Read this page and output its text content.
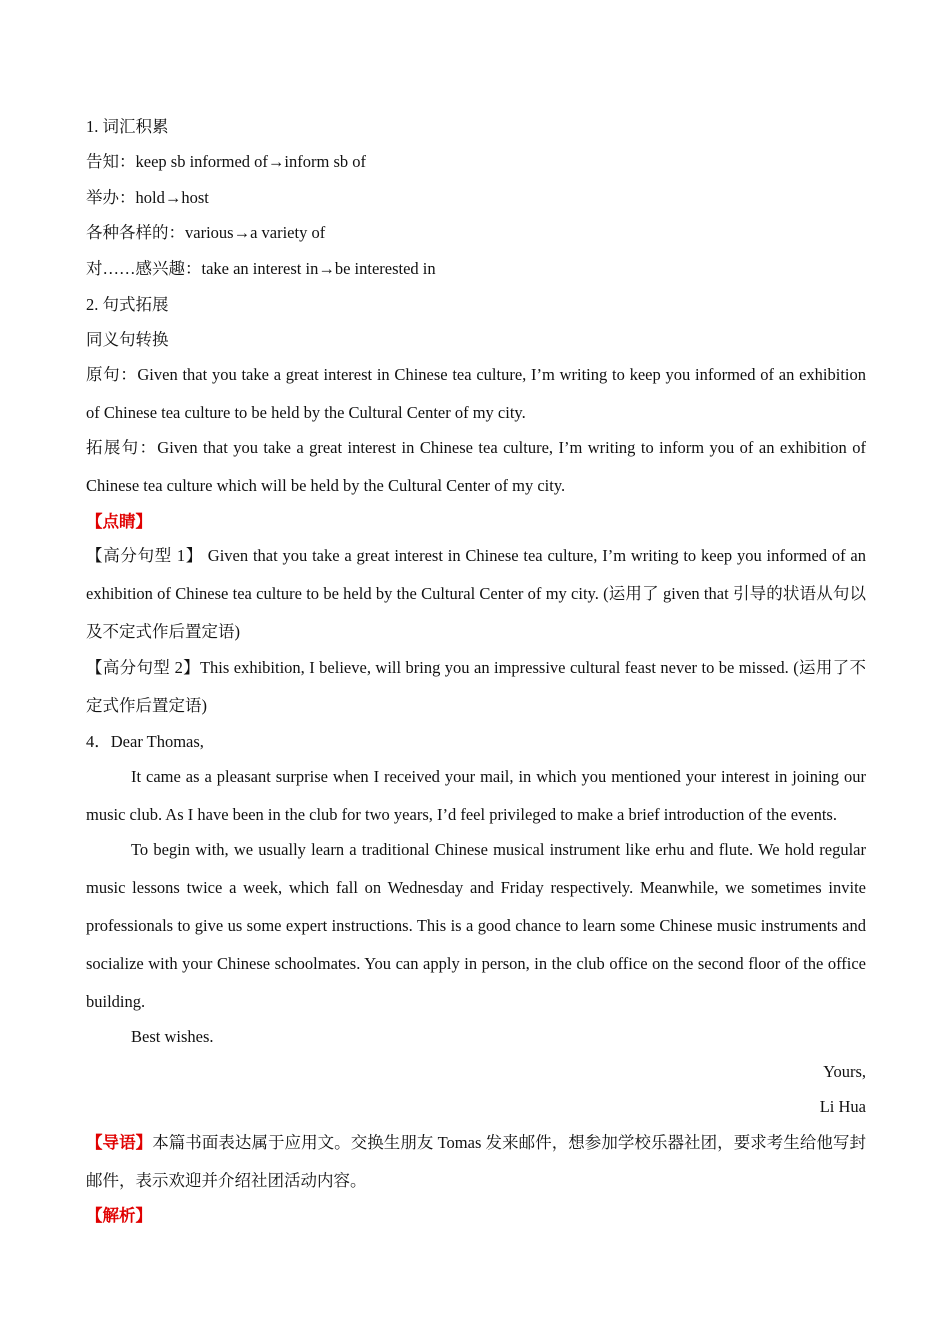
1. 词汇积累
告知：keep sb informed of→inform sb of
举办：hold→host
各种各样的：various→a variety of
对……感兴趣：take an interest in→be interested in
2. 句式拓展
同义句转换
原句：Given that you take a great interest in Chinese tea culture, I’m writing to keep you informed of an exhibition of Chinese tea culture to be held by the Cultural Center of my city.
拓展句：Given that you take a great interest in Chinese tea culture, I’m writing to inform you of an exhibition of Chinese tea culture which will be held by the Cultural Center of my city.
【点睛】
【高分句型 1】 Given that you take a great interest in Chinese tea culture, I’m writing to keep you informed of an exhibition of Chinese tea culture to be held by the Cultural Center of my city. (运用了 given that 引导的状语从句以及不定式作后置定语)
【高分句型 2】This exhibition, I believe, will bring you an impressive cultural feast never to be missed. (运用了不定式作后置定语)
4．Dear Thomas,
It came as a pleasant surprise when I received your mail, in which you mentioned your interest in joining our music club. As I have been in the club for two years, I’d feel privileged to make a brief introduction of the events.
To begin with, we usually learn a traditional Chinese musical instrument like erhu and flute. We hold regular music lessons twice a week, which fall on Wednesday and Friday respectively. Meanwhile, we sometimes invite professionals to give us some expert instructions. This is a good chance to learn some Chinese music instruments and socialize with your Chinese schoolmates. You can apply in person, in the club office on the second floor of the office building.
Best wishes.
Yours,
Li Hua
【导语】本篇书面表达属于应用文。交换生朋友 Tomas 发来邮件，想参加学校乐器社团，要求考生给他写封邮件，表示欢迎并介绍社团活动内容。
【解析】
